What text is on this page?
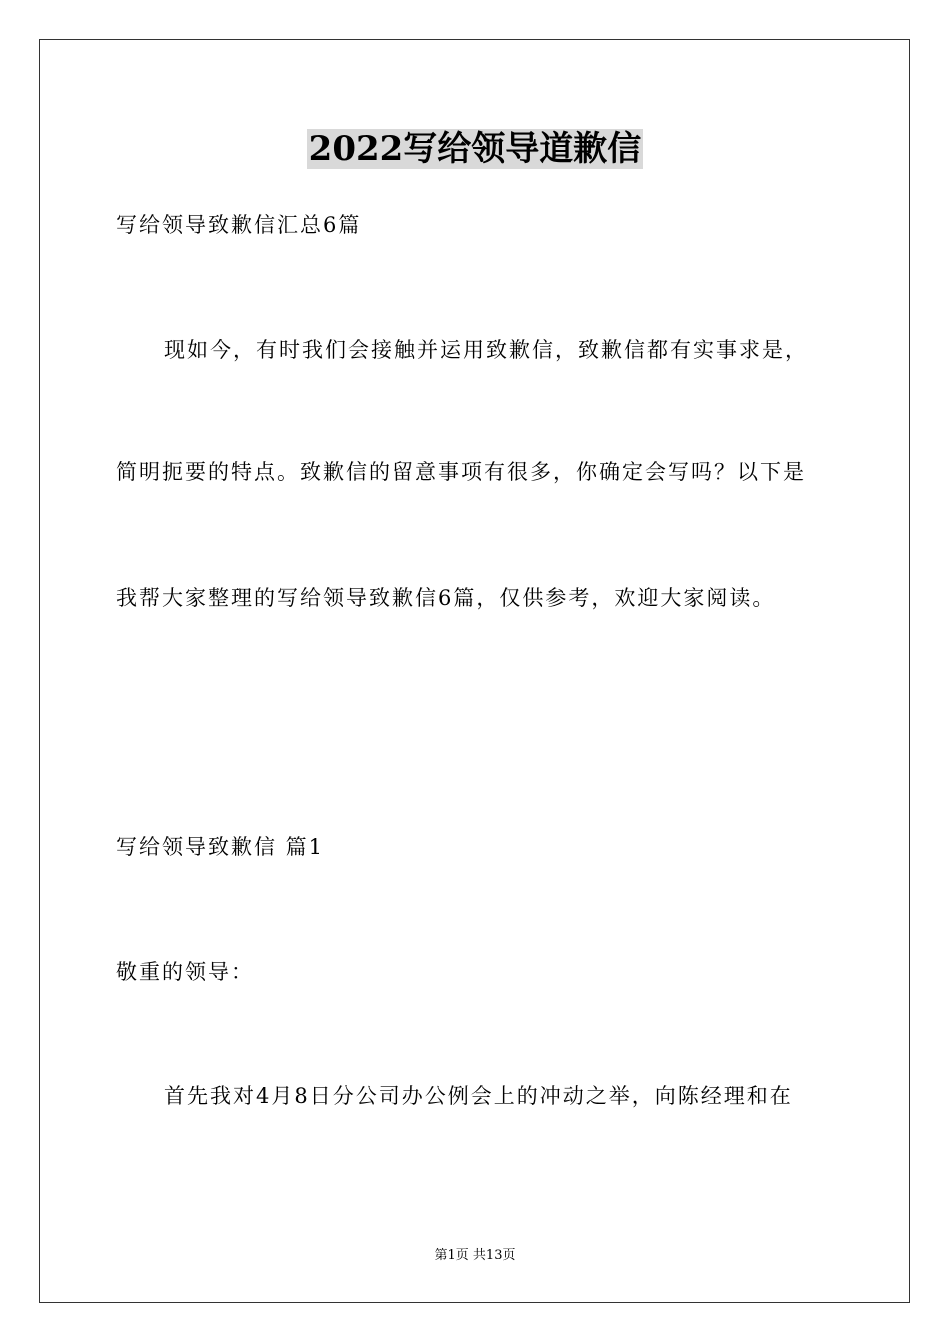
2022写给领导道歉信
写给领导致歉信汇总6篇
现如今，有时我们会接触并运用致歉信，致歉信都有实事求是，
简明扼要的特点。致歉信的留意事项有很多，你确定会写吗？以下是
我帮大家整理的写给领导致歉信6篇，仅供参考，欢迎大家阅读。
写给领导致歉信 篇1
敬重的领导：
首先我对4月8日分公司办公例会上的冲动之举，向陈经理和在
第1页 共13页
